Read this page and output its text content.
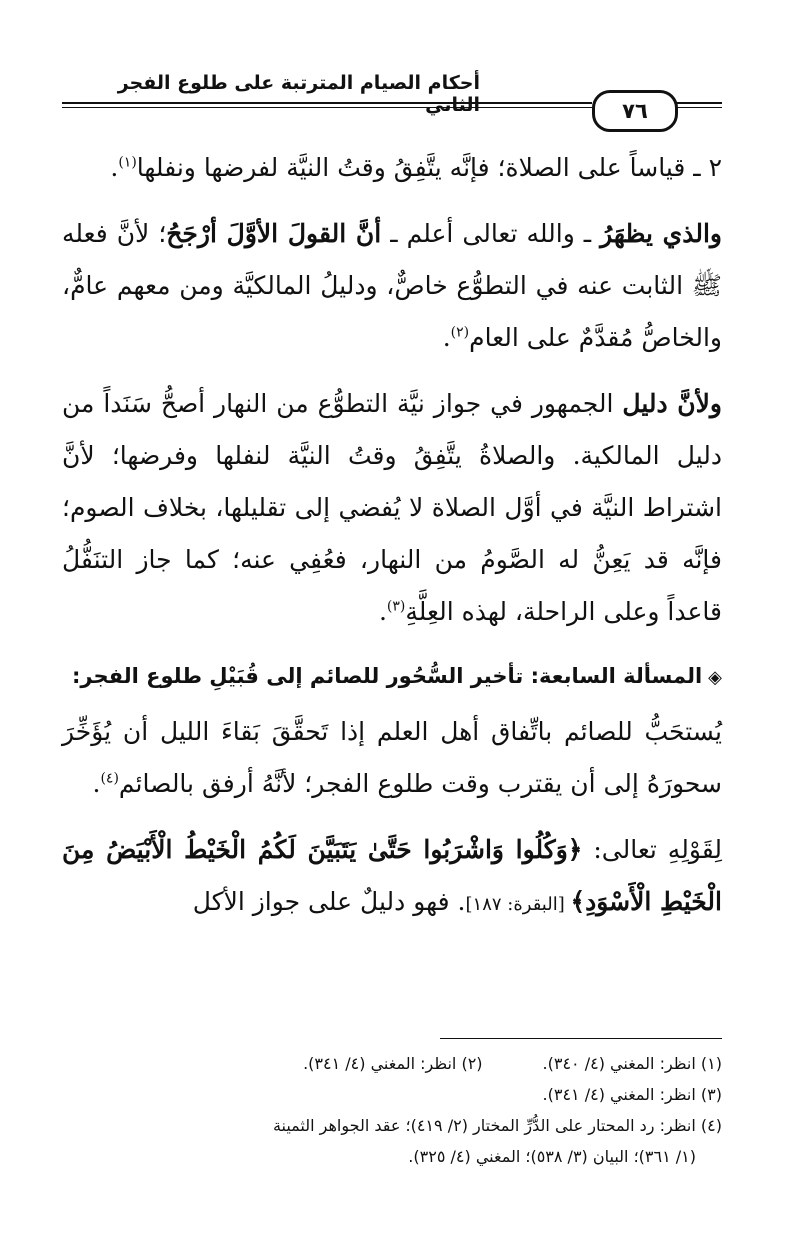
أحكام الصيام المترتبة على طلوع الفجر الثاني	٧٦

٢ ـ قياساً على الصلاة؛ فإنَّه يتَّفِقُ وقتُ النيَّة لفرضها ونفلها$^{(١)}$.

والذي يظهَرُ ـ والله تعالى أعلم ـ أنَّ القولَ الأوَّلَ أرْجَحُ؛ لأنَّ فعله ﷺ الثابت عنه في التطوُّع خاصٌّ، ودليلُ المالكيَّة ومن معهم عامٌّ، والخاصُّ مُقدَّمٌ على العام$^{(٢)}$.

ولأنَّ دليل الجمهور في جواز نيَّة التطوُّع من النهار أصحُّ سَنَداً من دليل المالكية. والصلاةُ يتَّفِقُ وقتُ النيَّة لنفلها وفرضها؛ لأنَّ اشتراط النيَّة في أوَّل الصلاة لا يُفضي إلى تقليلها، بخلاف الصوم؛ فإنَّه قد يَعِنُّ له الصَّومُ من النهار، فعُفِي عنه؛ كما جاز التنَفُّلُ قاعداً وعلى الراحلة، لهذه العِلَّةِ$^{(٣)}$.

◈المسألة السابعة: تأخير السُّحُور للصائم إلى قُبَيْلِ طلوع الفجر:

يُستحَبُّ للصائم باتِّفاق أهل العلم إذا تَحقَّقَ بَقاءَ الليل أن يُؤَخِّرَ سحورَهُ إلى أن يقترب وقت طلوع الفجر؛ لأنَّهُ أرفق بالصائم$^{(٤)}$.

لِقَوْلِهِ تعالى: ﴿وَكُلُوا وَاشْرَبُوا حَتَّىٰ يَتَبَيَّنَ لَكُمُ الْخَيْطُ الْأَبْيَضُ مِنَ الْخَيْطِ الْأَسْوَدِ﴾ [البقرة: ١٨٧]. فهو دليلٌ على جواز الأكل

(١) انظر: المغني (٤/ ٣٤٠).(٢) انظر: المغني (٤/ ٣٤١).
(٣) انظر: المغني (٤/ ٣٤١).
(٤) انظر: رد المحتار على الدُّرِّ المختار (٢/ ٤١٩)؛ عقد الجواهر الثمينة
(١/ ٣٦١)؛ البيان (٣/ ٥٣٨)؛ المغني (٤/ ٣٢٥).
